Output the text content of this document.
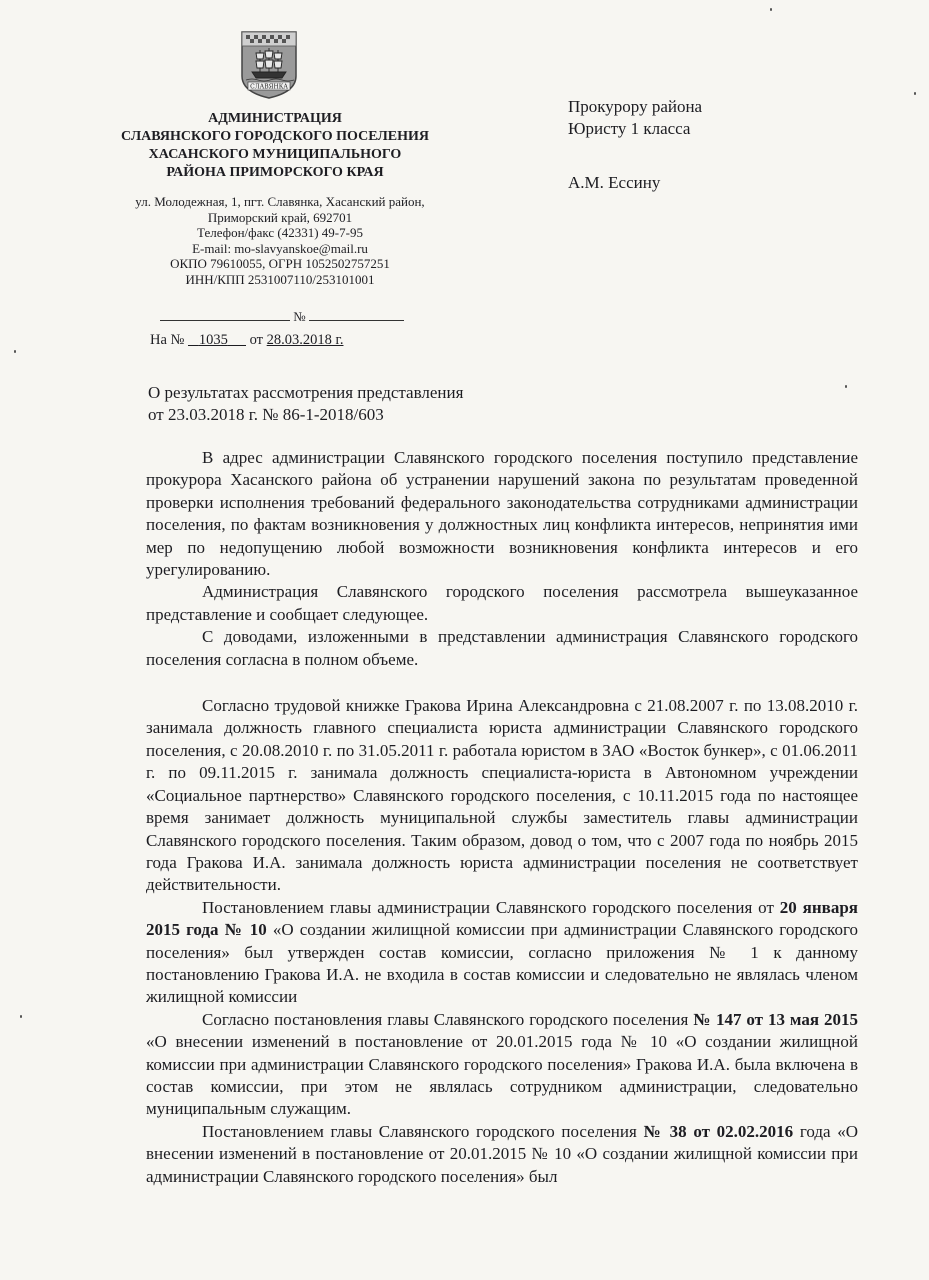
СЛАВЯНКА
АДМИНИСТРАЦИЯ
СЛАВЯНСКОГО ГОРОДСКОГО ПОСЕЛЕНИЯ
ХАСАНСКОГО МУНИЦИПАЛЬНОГО
РАЙОНА ПРИМОРСКОГО КРАЯ
ул. Молодежная, 1, пгт. Славянка, Хасанский район,
Приморский край, 692701
Телефон/факс (42331) 49-7-95
E-mail: mo-slavyanskoe@mail.ru
ОКПО 79610055, ОГРН 1052502757251
ИНН/КПП 2531007110/253101001
№
На № 1035 от 28.03.2018 г.
Прокурору района
Юристу 1 класса
А.М. Ессину
О результатах рассмотрения представления
от 23.03.2018 г. № 86-1-2018/603

В адрес администрации Славянского городского поселения поступило представление прокурора Хасанского района об устранении нарушений закона по результатам проведенной проверки исполнения требований федерального законодательства сотрудниками администрации поселения, по фактам возникновения у должностных лиц конфликта интересов, непринятия ими мер по недопущению любой возможности возникновения конфликта интересов и его урегулированию.

Администрация Славянского городского поселения рассмотрела вышеуказанное представление и сообщает следующее.

С доводами, изложенными в представлении администрация Славянского городского поселения согласна в полном объеме.

Согласно трудовой книжке Гракова Ирина Александровна с 21.08.2007 г. по 13.08.2010 г. занимала должность главного специалиста юриста администрации Славянского городского поселения, с 20.08.2010 г. по 31.05.2011 г. работала юристом в ЗАО «Восток бункер», с 01.06.2011 г. по 09.11.2015 г. занимала должность специалиста-юриста в Автономном учреждении «Социальное партнерство» Славянского городского поселения, с 10.11.2015 года по настоящее время занимает должность муниципальной службы заместитель главы администрации Славянского городского поселения. Таким образом, довод о том, что с 2007 года по ноябрь 2015 года Гракова И.А. занимала должность юриста администрации поселения не соответствует действительности.

Постановлением главы администрации Славянского городского поселения от 20 января 2015 года № 10 «О создании жилищной комиссии при администрации Славянского городского поселения» был утвержден состав комиссии, согласно приложения № 1 к данному постановлению Гракова И.А. не входила в состав комиссии и следовательно не являлась членом жилищной комиссии

Согласно постановления главы Славянского городского поселения № 147 от 13 мая 2015 «О внесении изменений в постановление от 20.01.2015 года № 10 «О создании жилищной комиссии при администрации Славянского городского поселения» Гракова И.А. была включена в состав комиссии, при этом не являлась сотрудником администрации, следовательно муниципальным служащим.

Постановлением главы Славянского городского поселения № 38 от 02.02.2016 года «О внесении изменений в постановление от 20.01.2015 № 10 «О создании жилищной комиссии при администрации Славянского городского поселения» был
